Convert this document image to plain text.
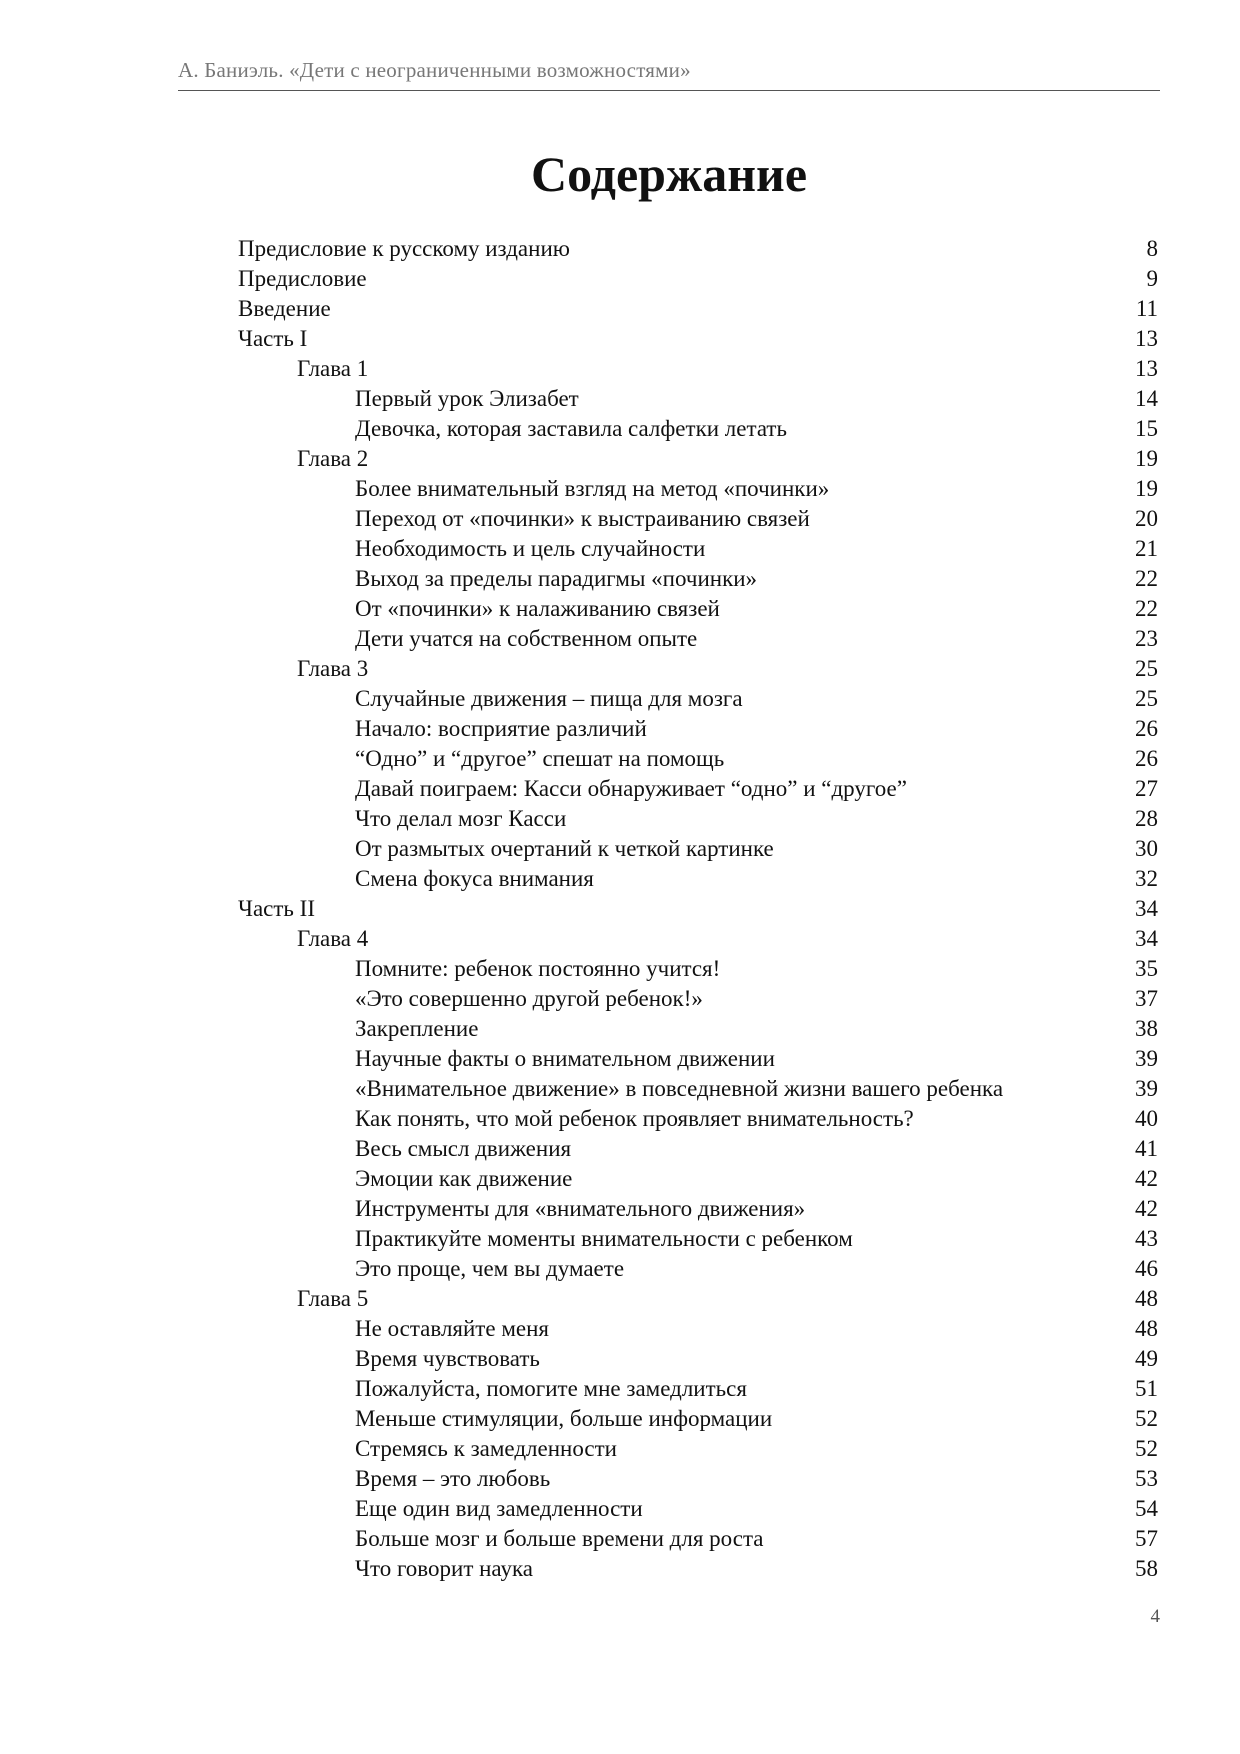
А. Баниэль. «Дети с неограниченными возможностями»
Содержание
Предисловие к русскому изданию	8
Предисловие	9
Введение	11
Часть I	13
Глава 1	13
Первый урок Элизабет	14
Девочка, которая заставила салфетки летать	15
Глава 2	19
Более внимательный взгляд на метод «починки»	19
Переход от «починки» к выстраиванию связей	20
Необходимость и цель случайности	21
Выход за пределы парадигмы «починки»	22
От «починки» к налаживанию связей	22
Дети учатся на собственном опыте	23
Глава 3	25
Случайные движения – пища для мозга	25
Начало: восприятие различий	26
“Одно” и “другое” спешат на помощь	26
Давай поиграем: Касси обнаруживает “одно” и “другое”	27
Что делал мозг Касси	28
От размытых очертаний к четкой картинке	30
Смена фокуса внимания	32
Часть II	34
Глава 4	34
Помните: ребенок постоянно учится!	35
«Это совершенно другой ребенок!»	37
Закрепление	38
Научные факты о внимательном движении	39
«Внимательное движение» в повседневной жизни вашего ребенка	39
Как понять, что мой ребенок проявляет внимательность?	40
Весь смысл движения	41
Эмоции как движение	42
Инструменты для «внимательного движения»	42
Практикуйте моменты внимательности с ребенком	43
Это проще, чем вы думаете	46
Глава 5	48
Не оставляйте меня	48
Время чувствовать	49
Пожалуйста, помогите мне замедлиться	51
Меньше стимуляции, больше информации	52
Стремясь к замедленности	52
Время – это любовь	53
Еще один вид замедленности	54
Больше мозг и больше времени для роста	57
Что говорит наука	58
4
